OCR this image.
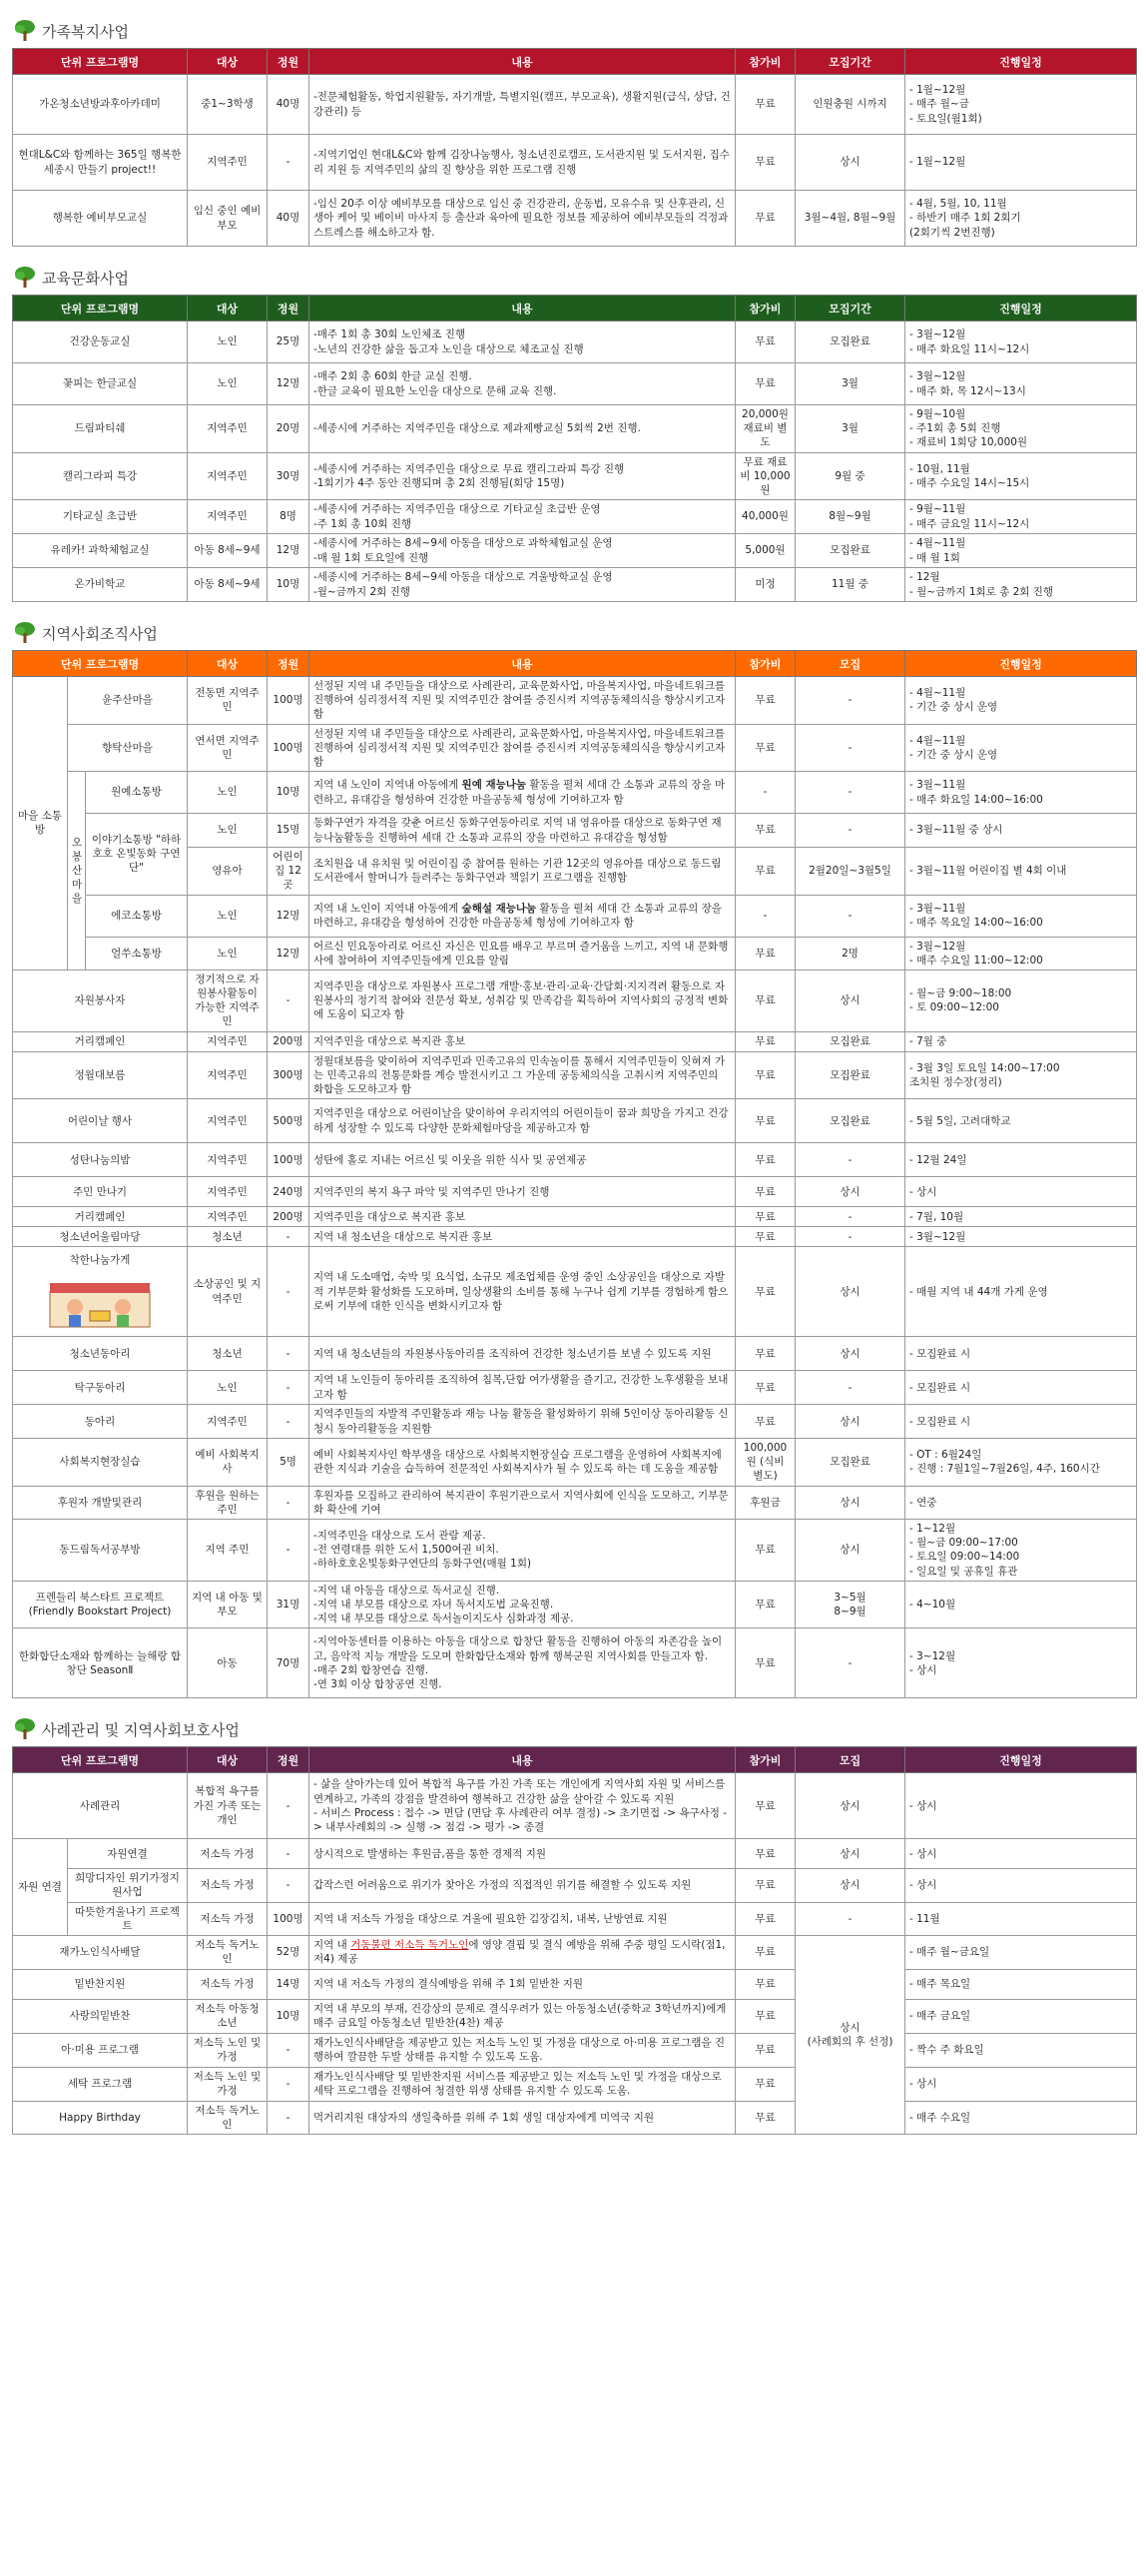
가족복지사업
단위 프로그램명	대상	정원	내용	참가비	모집기간	진행일정
가온청소년방과후아카데미	중1~3학생	40명	-전문체험활동, 학업지원활동, 자기개발, 특별지원(캠프, 부모교육), 생활지원(급식, 상담, 건강관리) 등	무료	인원충원 시까지	- 1월~12월
- 매주 월~금
- 토요일(월1회)
현대L&C와 함께하는 365일 행복한 세종시 만들기 project!!	지역주민	-	-지역기업인 현대L&C와 함께 김장나눔행사, 청소년진로캠프, 도서관지원 및 도서지원, 집수리 지원 등 지역주민의 삶의 질 향상을 위한 프로그램 진행	무료	상시	- 1월~12월
행복한 예비부모교실	임신 중인 예비부모	40명	-임신 20주 이상 예비부모를 대상으로 임신 중 건강관리, 운동법, 모유수유 및 산후관리, 신생아 케어 및 베이비 마사지 등 출산과 육아에 필요한 정보를 제공하여 예비부모들의 걱정과 스트레스를 해소하고자 함.	무료	3월~4월, 8월~9월	- 4월, 5월, 10, 11월
- 하반기 매주 1회 2회기
(2회기씩 2번진행)
교육문화사업
단위 프로그램명	대상	정원	내용	참가비	모집기간	진행일정
건강운동교실	노인	25명	-매주 1회 총 30회 노인체조 진행
-노년의 건강한 삶을 돕고자 노인을 대상으로 체조교실 진행	무료	모집완료	- 3월~12월
- 매주 화요일 11시~12시
꽃피는 한글교실	노인	12명	-매주 2회 총 60회 한글 교실 진행.
-한글 교육이 필요한 노인을 대상으로 문해 교육 진행.	무료	3월	- 3월~12월
- 매주 화, 목 12시~13시
드림파티쉐	지역주민	20명	-세종시에 거주하는 지역주민을 대상으로 제과제빵교실 5회씩 2번 진행.	20,000원 재료비 별도	3월	- 9월~10월
- 주1회 총 5회 진행
- 재료비 1회당 10,000원
캘리그라피 특강	지역주민	30명	-세종시에 거주하는 지역주민을 대상으로 무료 캘리그라피 특강 진행
-1회기가 4주 동안 진행되며 총 2회 진행됨(회당 15명)	무료 재료비 10,000원	9월 중	- 10월, 11월
- 매주 수요일 14시~15시
기타교실 초급반	지역주민	8명	-세종시에 거주하는 지역주민을 대상으로 기타교실 초급반 운영
-주 1회 총 10회 진행	40,000원	8월~9월	- 9월~11월
- 매주 금요일 11시~12시
유레카! 과학체험교실	아동 8세~9세	12명	-세종시에 거주하는 8세~9세 아동을 대상으로 과학체험교실 운영
-매 월 1회 토요일에 진행	5,000원	모집완료	- 4월~11월
- 매 월 1회
온가비학교	아동 8세~9세	10명	-세종시에 거주하는 8세~9세 아동을 대상으로 겨울방학교실 운영
-월~금까지 2회 진행	미정	11월 중	- 12월
- 월~금까지 1회로 총 2회 진행
지역사회조직사업
단위 프로그램명			대상	정원	내용	참가비	모집	진행일정
마을 소통방	윤주산마을		전동면 지역주민	100명	선정된 지역 내 주민들을 대상으로 사례관리, 교육문화사업, 마을복지사업, 마을네트워크를 진행하여 심리정서적 지원 및 지역주민간 참여를 증진시켜 지역공동체의식을 향상시키고자 함	무료	-	- 4월~11월
- 기간 중 상시 운영
	향탁산마을		연서면 지역주민	100명	선정된 지역 내 주민들을 대상으로 사례관리, 교육문화사업, 마을복지사업, 마을네트워크를 진행하여 심리정서적 지원 및 지역주민간 참여를 증진시켜 지역공동체의식을 향상시키고자 함	무료	-	- 4월~11월
- 기간 중 상시 운영
	오
봉
산
마
을	원예소통방	노인	10명	지역 내 노인이 지역내 아동에게 원예 재능나눔 활동을 펼쳐 세대 간 소통과 교류의 장을 마련하고, 유대감을 형성하여 건강한 마을공동체 형성에 기여하고자 함	-	-	- 3월~11월
- 매주 화요일 14:00~16:00
		이야기소통방 "하하호호 온빛동화 구연단"	노인	15명	동화구연가 자격을 갖춘 어르신 동화구연동아리로 지역 내 영유아를 대상으로 동화구연 재능나눔활동을 진행하여 세대 간 소통과 교류의 장을 마련하고 유대감을 형성함	무료	-	- 3월~11월 중 상시
			영유아	어린이집 12곳	조치원읍 내 유치원 및 어린이집 중 참여를 원하는 기관 12곳의 영유아를 대상으로 동드림 도서관에서 할머니가 들려주는 동화구연과 책읽기 프로그램을 진행함	무료	2월20일~3월5일	- 3월~11월 어린이집 별 4회 이내
		에코소통방	노인	12명	지역 내 노인이 지역내 아동에게 숲해설 재능나눔 활동을 펼쳐 세대 간 소통과 교류의 장을 마련하고, 유대감을 형성하여 건강한 마을공동체 형성에 기여하고자 함	-	-	- 3월~11월
- 매주 목요일 14:00~16:00
		얼쑤소통방	노인	12명	어르신 민요동아리로 어르신 자신은 민요를 배우고 부르며 즐거움을 느끼고, 지역 내 문화행사에 참여하여 지역주민들에게 민요를 알림	무료	2명	- 3월~12월
- 매주 수요일 11:00~12:00
자원봉사자			정기적으로 자원봉사활동이 가능한 지역주민	-	지역주민을 대상으로 자원봉사 프로그램 개발·홍보·관리·교육·간담회·지지격려 활동으로 자원봉사의 정기적 참여와 전문성 확보, 성취감 및 만족감을 획득하여 지역사회의 긍정적 변화에 도움이 되고자 함	무료	상시	- 월~금 9:00~18:00
- 토 09:00~12:00
거리캠페인			지역주민	200명	지역주민을 대상으로 복지관 홍보	무료	모집완료	- 7월 중
정월대보름			지역주민	300명	정월대보름을 맞이하여 지역주민과 민족고유의 민속놀이를 통해서 지역주민들이 잊혀져 가는 민족고유의 전통문화를 계승 발전시키고 그 가운데 공동체의식을 고취시켜 지역주민의 화합을 도모하고자 함	무료	모집완료	- 3월 3일 토요일 14:00~17:00
조치원 정수장(정리)
어린이날 행사			지역주민	500명	지역주민을 대상으로 어린이날을 맞이하여 우리지역의 어린이들이 꿈과 희망을 가지고 건강하게 성장할 수 있도록 다양한 문화체험마당을 제공하고자 함	무료	모집완료	- 5월 5일, 고려대학교
성탄나눔의밤			지역주민	100명	성탄에 홀로 지내는 어르신 및 이웃을 위한 식사 및 공연제공	무료	-	- 12월 24일
주민 만나기			지역주민	240명	지역주민의 복지 욕구 파악 및 지역주민 만나기 진행	무료	상시	- 상시
거리캠페인			지역주민	200명	지역주민을 대상으로 복지관 홍보	무료	-	- 7월, 10월
청소년어울림마당			청소년	-	지역 내 청소년을 대상으로 복지관 홍보	무료	-	- 3월~12월

착한나눔가게			소상공인 및 지역주민	-	지역 내 도소매업, 숙박 및 요식업, 소규모 제조업체를 운영 중인 소상공인을 대상으로 자발적 기부문화 활성화를 도모하며, 일상생활의 소비를 통해 누구나 쉽게 기부를 경험하게 함으로써 기부에 대한 인식을 변화시키고자 함	무료	상시	- 매월 지역 내 44개 가게 운영
청소년동아리			청소년	-	지역 내 청소년들의 자원봉사동아리를 조직하여 건강한 청소년기를 보낼 수 있도록 지원	무료	상시	- 모집완료 시
탁구동아리			노인	-	지역 내 노인들이 동아리를 조직하여 침목,단합 여가생활을 즐기고, 건강한 노후생활을 보내고자 함	무료	-	- 모집완료 시
동아리			지역주민	-	지역주민들의 자발적 주민활동과 재능 나눔 활동을 활성화하기 위해 5인이상 동아리활동 신청시 동아리활동을 지원함	무료	상시	- 모집완료 시
사회복지현장실습			예비 사회복지사	5명	예비 사회복지사인 학부생을 대상으로 사회복지현장실습 프로그램을 운영하여 사회복지에 관한 지식과 기술을 습득하여 전문적인 사회복지사가 될 수 있도록 하는 데 도움을 제공함	100,000원 (식비 별도)	모집완료	- OT : 6월24일
- 진행 : 7월1일~7월26일, 4주, 160시간
후원자 개발및관리			후원을 원하는 주민	-	후원자를 모집하고 관리하여 복지관이 후원기관으로서 지역사회에 인식을 도모하고, 기부문화 확산에 기여	후원금	상시	- 연중
동드림독서공부방			지역 주민	-	-지역주민을 대상으로 도서 관람 제공.
-전 연령대를 위한 도서 1,500여권 비치.
-하하호호온빛동화구연단의 동화구연(매월 1회)	무료	상시	- 1~12월
- 월~금 09:00~17:00
- 토요일 09:00~14:00
- 일요일 및 공휴일 휴관
프렌들리 북스타트 프로젝트 (Friendly Bookstart Project)			지역 내 아동 및 부모	31명	-지역 내 아동을 대상으로 독서교실 진행.
-지역 내 부모를 대상으로 자녀 독서지도법 교육진행.
-지역 내 부모를 대상으로 독서놀이지도사 심화과정 제공.	무료	3~5월
8~9월	- 4~10월
한화합단소재와 함께하는 늘해랑 합창단 SeasonⅡ			아동	70명	-지역아동센터를 이용하는 아동을 대상으로 합창단 활동을 진행하여 아동의 자존감을 높이고, 음악적 지능 개발을 도모며 한화합단소재와 함께 행복군원 지역사회를 만들고자 함.
-매주 2회 합창연습 진행.
-연 3회 이상 합창공연 진행.	무료	-	- 3~12월
- 상시
사례관리 및 지역사회보호사업
단위 프로그램명		대상	정원	내용	참가비	모집	진행일정
사례관리		복합적 욕구를 가진 가족 또는 개인	-	- 삶을 살아가는데 있어 복합적 욕구를 가진 가족 또는 개인에게 지역사회 자원 및 서비스를 연계하고, 가족의 강점을 발견하여 행복하고 건강한 삶을 살아갈 수 있도록 지원
- 서비스 Process : 접수 -> 면담 (면담 후 사례관리 여부 결정) -> 초기면접 -> 욕구사정 -> 내부사례회의 -> 실행 -> 점검 -> 평가 -> 종결	무료	상시	- 상시
자원 연결	자원연결	저소득 가정	-	상시적으로 발생하는 후원금,품을 통한 경제적 지원	무료	상시	- 상시
	희망디자인 위기가정지원사업	저소득 가정	-	갑작스런 어려움으로 위기가 찾아온 가정의 직접적인 위기를 해결할 수 있도록 지원	무료	상시	- 상시
	따뜻한겨울나기 프로젝트	저소득 가정	100명	지역 내 저소득 가정을 대상으로 겨울에 필요한 김장김치, 내복, 난방연료 지원	무료	-	- 11월
재가노인식사배달		저소득 독거노인	52명	지역 내 거동불편 저소득 독거노인에 영양 결핍 및 결식 예방을 위해 주중 평일 도시락(점1, 저4) 제공	무료	상시
(사례회의 후 선정)	- 매주 월~금요일
밑반찬지원		저소득 가정	14명	지역 내 저소득 가정의 결식예방을 위해 주 1회 밑반찬 지원	무료		- 매주 목요일
사랑의밑반찬		저소득 아동청소년	10명	지역 내 부모의 부재, 건강상의 문제로 결식우려가 있는 아동청소년(중학교 3학년까지)에게 매주 금요일 아동청소년 밑반찬(4찬) 제공	무료		- 매주 금요일
아·미용 프로그램		저소득 노인 및 가정	-	재가노인식사배달을 제공받고 있는 저소득 노인 및 가정을 대상으로 아·미용 프로그램을 진행하여 깔끔한 두발 상태를 유지할 수 있도록 도움.	무료		- 짝수 주 화요일
세탁 프로그램		저소득 노인 및 가정	-	재가노인식사배달 및 밑반찬지원 서비스를 제공받고 있는 저소득 노인 및 가정을 대상으로 세탁 프로그램을 진행하여 청결한 위생 상태를 유지할 수 있도록 도움.	무료		- 상시
Happy Birthday		저소득 독거노인	-	먹거리지원 대상자의 생일축하를 위해 주 1회 생일 대상자에게 미역국 지원	무료		- 매주 수요일
